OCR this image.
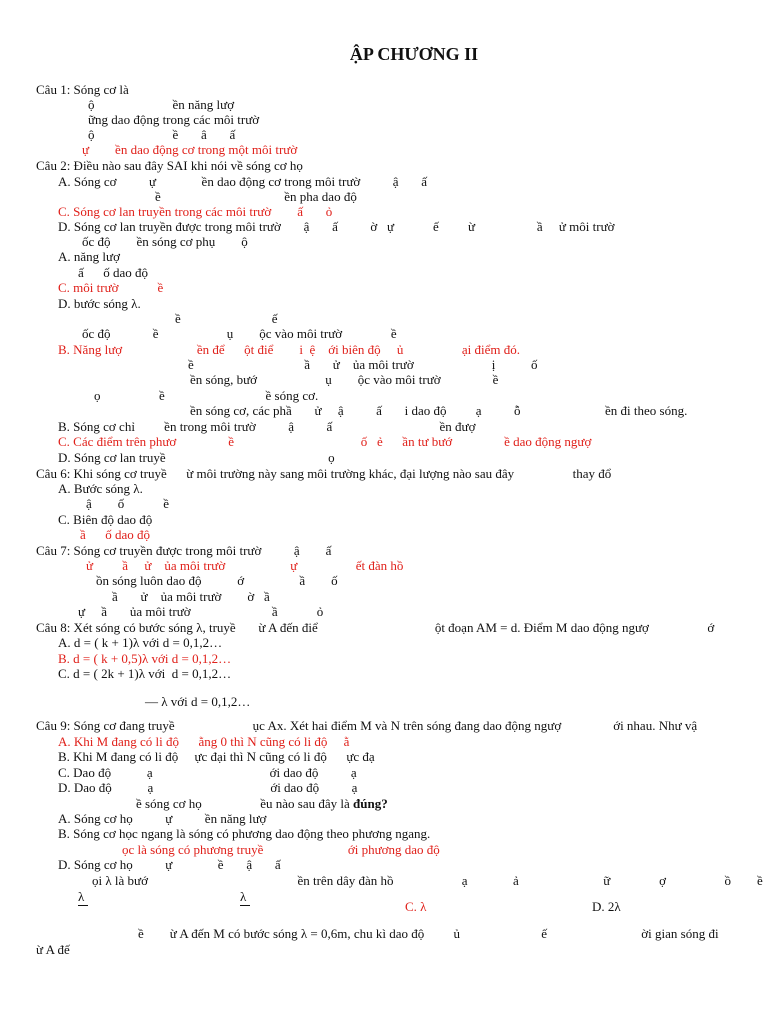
ẬP CHƯƠNG II
Câu 1: Sóng cơ là
ộ                        ền năng lượ
ững dao động trong các môi trườ
ộ                        ề       â       ấ
ự        ền dao động cơ trong một môi trườ
Câu 2: Điều nào sau đây SAI khi nói về sóng cơ họ
A. Sóng cơ          ự              ền dao động cơ trong môi trườ          ậ       ấ
ề                                      ền pha dao độ
C. Sóng cơ lan truyền trong các môi trườ        ấ       ỏ
D. Sóng cơ lan truyền được trong môi trườ       ậ       ấ          ờ   ự            ế         ừ                   ầ     ử môi trườ
ốc độ        ền sóng cơ phụ        ộ
A. năng lượ
ấ      ố dao độ
C. môi trườ            ề
D. bước sóng λ.
ề                            ế
ốc độ             ề                     ụ        ộc vào môi trườ               ề
B. Năng lượ                       ền để      ột điể        i  ệ    ới biên độ     ủ                  ại điểm đó.
ề                                  ầ       ử    ủa môi trườ                        ị           ố
ền sóng, bướ                     ụ        ộc vào môi trườ                ề
ọ                  ề                               ề sóng cơ.
ền sóng cơ, các phầ       ử     ậ          ấ       i dao độ         ạ          ỗ                          ền đi theo sóng.
B. Sóng cơ chỉ         ền trong môi trườ          ậ          ấ                                 ền đượ
C. Các điểm trên phươ                ề                                       ố   ẻ      ần tư bướ                ề dao động ngượ
D. Sóng cơ lan truyề                                                  ọ
Câu 6: Khi sóng cơ truyề      ừ môi trường này sang môi trường khác, đại lượng nào sau đây                  thay đổ
A. Bước sóng λ.
ậ        ố            ề
C. Biên độ dao độ
ầ      ố dao độ
Câu 7: Sóng cơ truyền được trong môi trườ          ậ        ấ
ử         ầ     ử    ủa môi trườ                    ự                  ết đàn hồ
ồn sóng luôn dao độ           ớ                 ầ        ố
ầ       ử    ủa môi trườ        ờ   ầ
ự     ầ       ủa môi trườ                         ầ            ỏ
Câu 8: Xét sóng có bước sóng λ, truyề       ừ A đến điể                                    ột đoạn AM = d. Điểm M dao động ngượ                  ớ
A. d = ( k + 1)λ với d = 0,1,2…
B. d = ( k + 0,5)λ với d = 0,1,2…
C. d = ( 2k + 1)λ với  d = 0,1,2…
— λ với d = 0,1,2…
Câu 9: Sóng cơ đang truyề                        ục Ax. Xét hai điểm M và N trên sóng đang dao động ngượ                ới nhau. Như vậ
A. Khi M đang có li độ      ằng 0 thì N cũng có li độ     ằ
B. Khi M đang có li độ     ực đại thì N cũng có li độ      ực đạ
C. Dao độ           ạ                                    ới dao độ          ạ
D. Dao độ           ạ                                    ới dao độ          ạ
ề sóng cơ họ                  ều nào sau đây là đúng?
A. Sóng cơ họ          ự          ền năng lượ
B. Sóng cơ học ngang là sóng có phương dao động theo phương ngang.
ọc là sóng có phương truyề                          ới phương dao độ
D. Sóng cơ họ          ự              ề       ậ       ấ
ọi λ là bướ                                              ền trên dây đàn hồ                     ạ              ả                          ữ               ợ                  ồ        ề
C. λ	D. 2λ
ề        ừ A đến M có bước sóng λ = 0,6m, chu kì dao độ         ủ                         ế                             ời gian sóng đi
ừ A đế
λ	λ
